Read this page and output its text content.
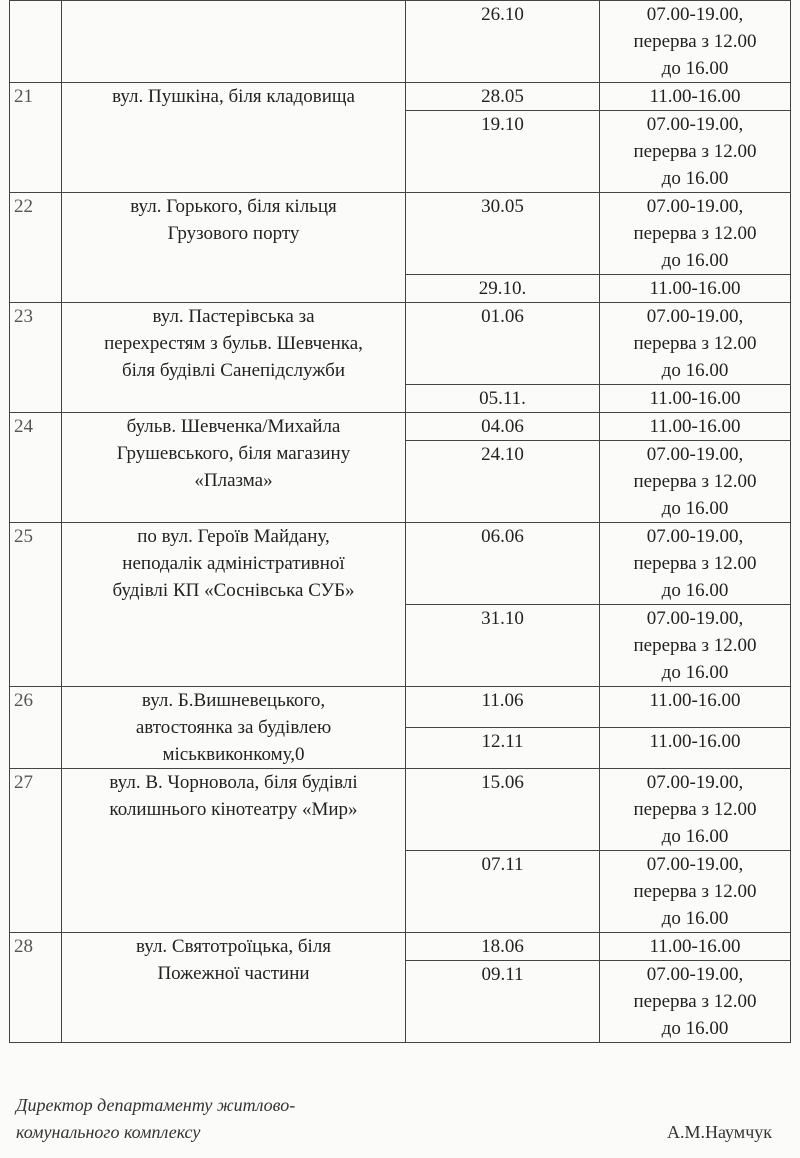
		26.10	07.00-19.00,
перерва з 12.00
до 16.00

21	вул. Пушкіна, біля кладовища	28.05	11.00-16.00

		19.10	07.00-19.00,
перерва з 12.00
до 16.00

22	вул. Горького, біля кільця
Грузового порту	30.05	07.00-19.00,
перерва з 12.00
до 16.00

		29.10.	11.00-16.00

23	вул. Пастерівська за
перехрестям з бульв. Шевченка,
біля будівлі Санепідслужби	01.06	07.00-19.00,
перерва з 12.00
до 16.00

		05.11.	11.00-16.00

24	бульв. Шевченка/Михайла
Грушевського, біля магазину
«Плазма»	04.06	11.00-16.00

		24.10	07.00-19.00,
перерва з 12.00
до 16.00

25	по вул. Героїв Майдану,
неподалік адміністративної
будівлі КП «Соснівська СУБ»	06.06	07.00-19.00,
перерва з 12.00
до 16.00

		31.10	07.00-19.00,
перерва з 12.00
до 16.00

26	вул. Б.Вишневецького,
автостоянка за будівлею
міськвиконкому,0	11.06	11.00-16.00

		12.11	11.00-16.00

27	вул. В. Чорновола, біля будівлі
колишнього кінотеатру «Мир»	15.06	07.00-19.00,
перерва з 12.00
до 16.00

		07.11	07.00-19.00,
перерва з 12.00
до 16.00

28	вул. Святотроїцька, біля
Пожежної частини	18.06	11.00-16.00

		09.11	07.00-19.00,
перерва з 12.00
до 16.00
Директор департаменту житлово-
комунального комплексу	А.М.Наумчук
